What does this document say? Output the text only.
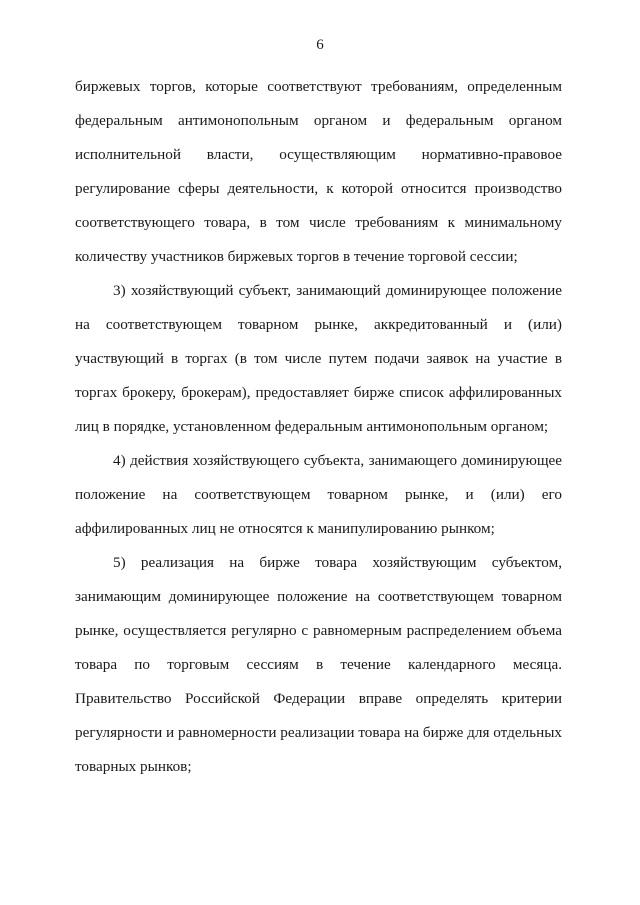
6
биржевых торгов, которые соответствуют требованиям, определенным
федеральным антимонопольным органом и федеральным органом
исполнительной власти, осуществляющим нормативно-правовое
регулирование сферы деятельности, к которой относится производство
соответствующего товара, в том числе требованиям к минимальному
количеству участников биржевых торгов в течение торговой сессии;
3) хозяйствующий субъект, занимающий доминирующее положение
на соответствующем товарном рынке, аккредитованный и (или)
участвующий в торгах (в том числе путем подачи заявок на участие в
торгах брокеру, брокерам), предоставляет бирже список аффилированных
лиц в порядке, установленном федеральным антимонопольным органом;
4) действия хозяйствующего субъекта, занимающего доминирующее
положение на соответствующем товарном рынке, и (или) его
аффилированных лиц не относятся к манипулированию рынком;
5) реализация на бирже товара хозяйствующим субъектом,
занимающим доминирующее положение на соответствующем товарном
рынке, осуществляется регулярно с равномерным распределением объема
товара по торговым сессиям в течение календарного месяца.
Правительство Российской Федерации вправе определять критерии
регулярности и равномерности реализации товара на бирже для отдельных
товарных рынков;
